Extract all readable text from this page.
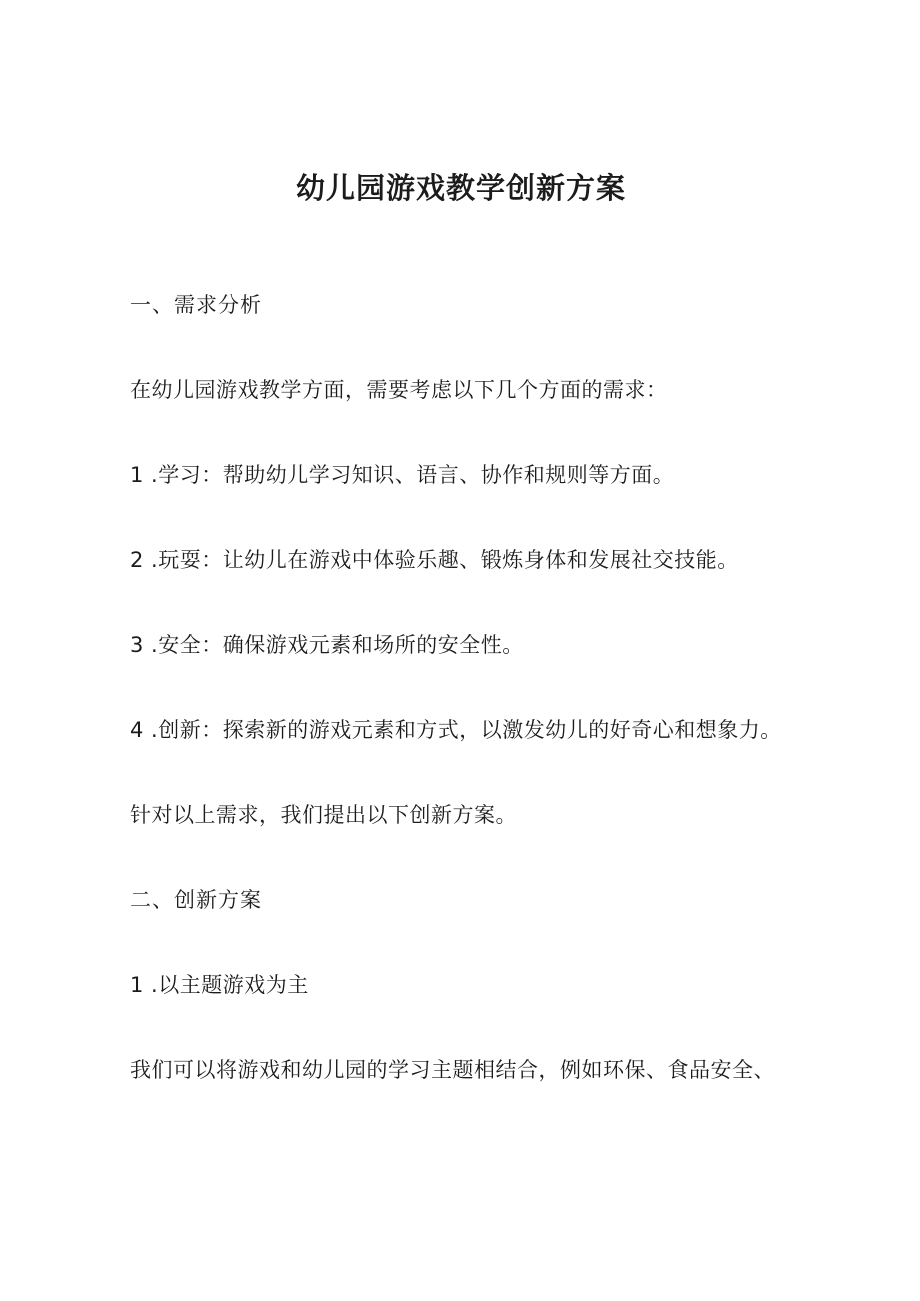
幼儿园游戏教学创新方案

一、需求分析

在幼儿园游戏教学方面，需要考虑以下几个方面的需求：

1 .学习：帮助幼儿学习知识、语言、协作和规则等方面。

2 .玩耍：让幼儿在游戏中体验乐趣、锻炼身体和发展社交技能。

3 .安全：确保游戏元素和场所的安全性。

4 .创新：探索新的游戏元素和方式，以激发幼儿的好奇心和想象力。

针对以上需求，我们提出以下创新方案。

二、创新方案

1 .以主题游戏为主

我们可以将游戏和幼儿园的学习主题相结合，例如环保、食品安全、
